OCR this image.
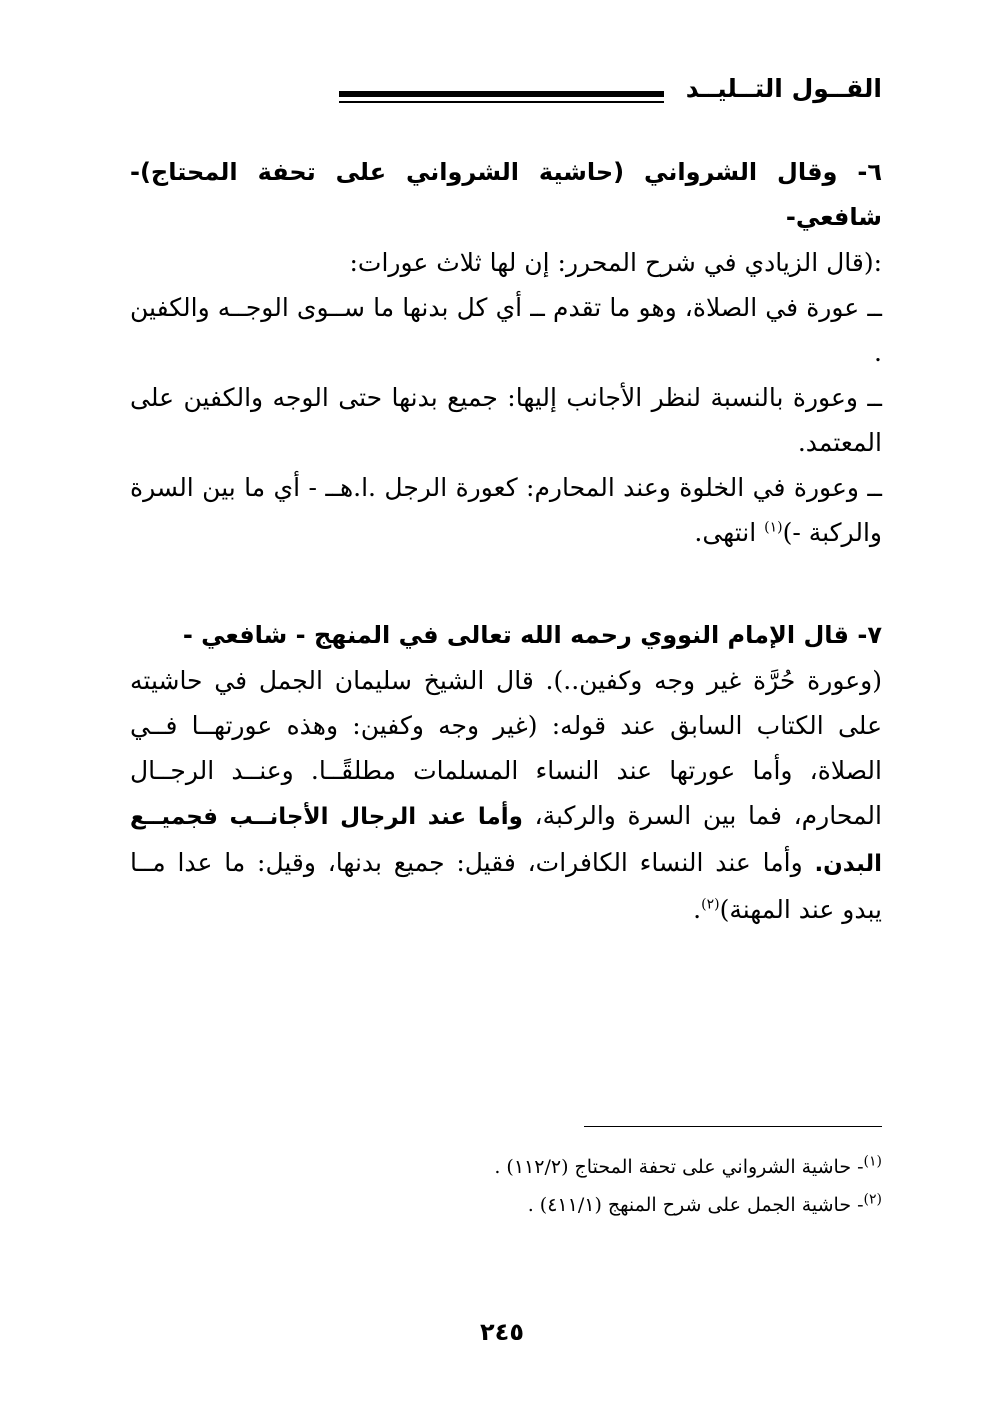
القــول التــليــد

٦- وقال الشرواني (حاشية الشرواني على تحفة المحتاج)- شافعي-

:(قال الزيادي في شرح المحرر: إن لها ثلاث عورات:
ــ عورة في الصلاة، وهو ما تقدم ــ أي كل بدنها ما ســوى الوجــه والكفين .
ــ وعورة بالنسبة لنظر الأجانب إليها: جميع بدنها حتى الوجه والكفين على المعتمد.
ــ وعورة في الخلوة وعند المحارم: كعورة الرجل .ا.هــ - أي ما بين السرة والركبة -)$^{(١)}$ انتهى.

٧- قال الإمام النووي رحمه الله تعالى في المنهج - شافعي -

(وعورة حُرَّة غير وجه وكفين..). قال الشيخ سليمان الجمل في حاشيته على الكتاب السابق عند قوله: (غير وجه وكفين: وهذه عورتهــا فــي الصلاة، وأما عورتها عند النساء المسلمات مطلقًــا. وعنــد الرجــال المحارم، فما بين السرة والركبة، وأما عند الرجال الأجانــب فجميــع البدن. وأما عند النساء الكافرات، فقيل: جميع بدنها، وقيل: ما عدا مــا يبدو عند المهنة)$^{(٢)}$.

$^{(١)}$- حاشية الشرواني على تحفة المحتاج (١١٢/٢) .
$^{(٢)}$- حاشية الجمل على شرح المنهج (٤١١/١) .
٢٤٥
